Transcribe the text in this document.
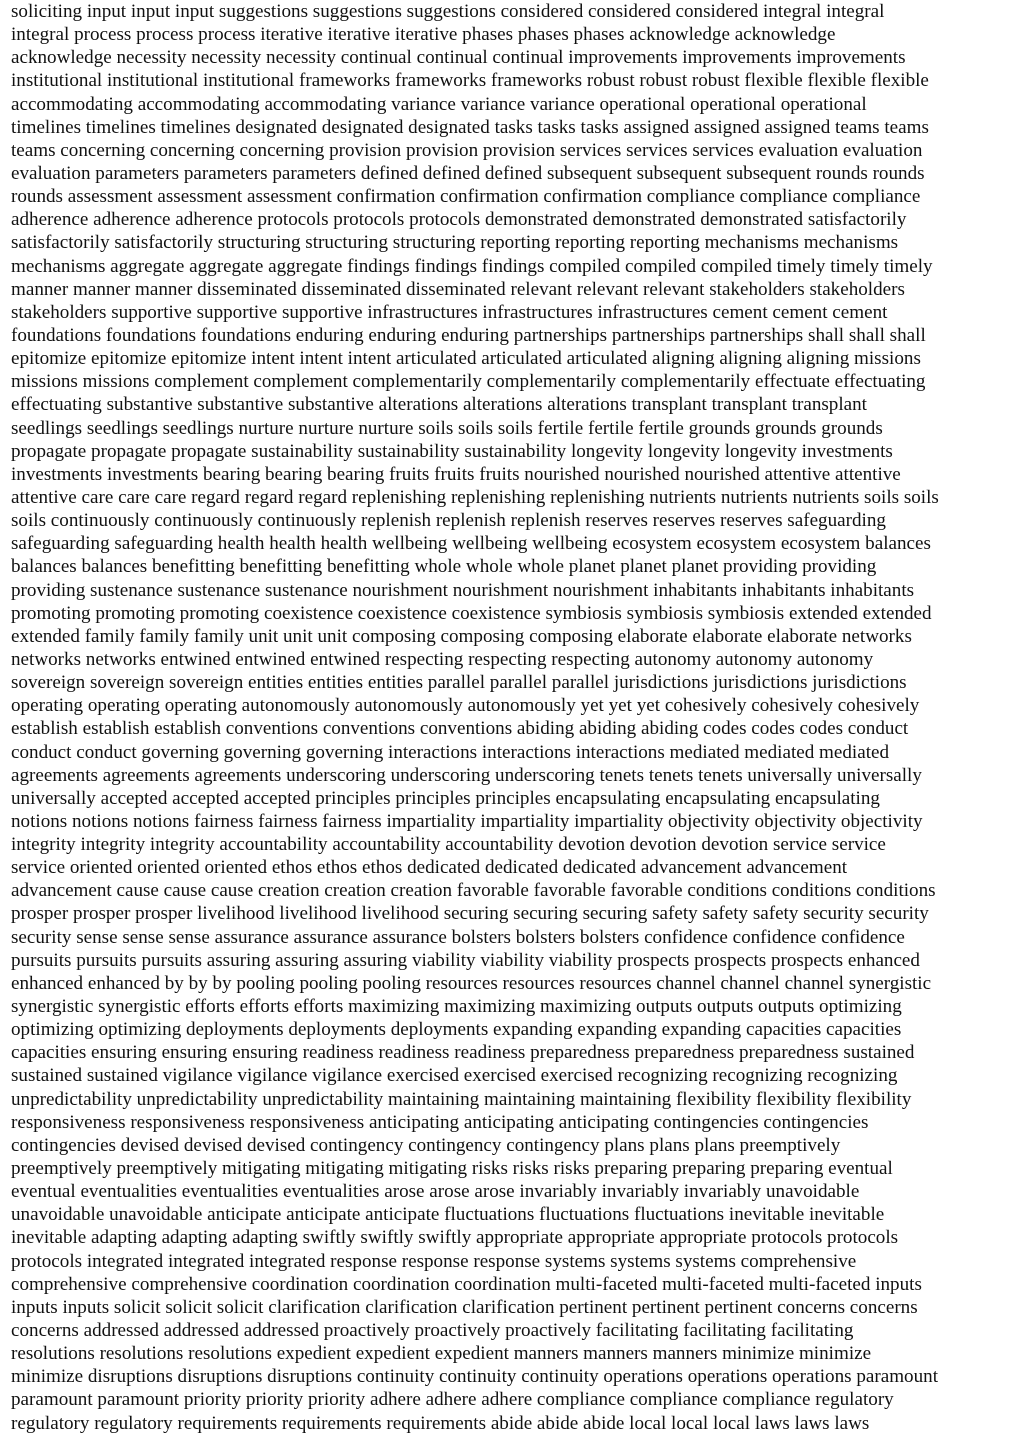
soliciting input input input suggestions suggestions suggestions considered considered considered integral integral
integral process process process iterative iterative iterative phases phases phases acknowledge acknowledge
acknowledge necessity necessity necessity continual continual continual improvements improvements improvements
institutional institutional institutional frameworks frameworks frameworks robust robust robust flexible flexible flexible
accommodating accommodating accommodating variance variance variance operational operational operational
timelines timelines timelines designated designated designated tasks tasks tasks assigned assigned assigned teams teams
teams concerning concerning concerning provision provision provision services services services evaluation evaluation
evaluation parameters parameters parameters defined defined defined subsequent subsequent subsequent rounds rounds
rounds assessment assessment assessment confirmation confirmation confirmation compliance compliance compliance
adherence adherence adherence protocols protocols protocols demonstrated demonstrated demonstrated satisfactorily
satisfactorily satisfactorily structuring structuring structuring reporting reporting reporting mechanisms mechanisms
mechanisms aggregate aggregate aggregate findings findings findings compiled compiled compiled timely timely timely
manner manner manner disseminated disseminated disseminated relevant relevant relevant stakeholders stakeholders
stakeholders supportive supportive supportive infrastructures infrastructures infrastructures cement cement cement
foundations foundations foundations enduring enduring enduring partnerships partnerships partnerships shall shall shall
epitomize epitomize epitomize intent intent intent articulated articulated articulated aligning aligning aligning missions
missions missions complement complement complementarily complementarily complementarily effectuate effectuating
effectuating substantive substantive substantive alterations alterations alterations transplant transplant transplant
seedlings seedlings seedlings nurture nurture nurture soils soils soils fertile fertile fertile grounds grounds grounds
propagate propagate propagate sustainability sustainability sustainability longevity longevity longevity investments
investments investments bearing bearing bearing fruits fruits fruits nourished nourished nourished attentive attentive
attentive care care care regard regard regard replenishing replenishing replenishing nutrients nutrients nutrients soils soils
soils continuously continuously continuously replenish replenish replenish reserves reserves reserves safeguarding
safeguarding safeguarding health health health wellbeing wellbeing wellbeing ecosystem ecosystem ecosystem balances
balances balances benefitting benefitting benefitting whole whole whole planet planet planet providing providing
providing sustenance sustenance sustenance nourishment nourishment nourishment inhabitants inhabitants inhabitants
promoting promoting promoting coexistence coexistence coexistence symbiosis symbiosis symbiosis extended extended
extended family family family unit unit unit composing composing composing elaborate elaborate elaborate networks
networks networks entwined entwined entwined respecting respecting respecting autonomy autonomy autonomy
sovereign sovereign sovereign entities entities entities parallel parallel parallel jurisdictions jurisdictions jurisdictions
operating operating operating autonomously autonomously autonomously yet yet yet cohesively cohesively cohesively
establish establish establish conventions conventions conventions abiding abiding abiding codes codes codes conduct
conduct conduct governing governing governing interactions interactions interactions mediated mediated mediated
agreements agreements agreements underscoring underscoring underscoring tenets tenets tenets universally universally
universally accepted accepted accepted principles principles principles encapsulating encapsulating encapsulating
notions notions notions fairness fairness fairness impartiality impartiality impartiality objectivity objectivity objectivity
integrity integrity integrity accountability accountability accountability devotion devotion devotion service service
service oriented oriented oriented ethos ethos ethos dedicated dedicated dedicated advancement advancement
advancement cause cause cause creation creation creation favorable favorable favorable conditions conditions conditions
prosper prosper prosper livelihood livelihood livelihood securing securing securing safety safety safety security security
security sense sense sense assurance assurance assurance bolsters bolsters bolsters confidence confidence confidence
pursuits pursuits pursuits assuring assuring assuring viability viability viability prospects prospects prospects enhanced
enhanced enhanced by by by pooling pooling pooling resources resources resources channel channel channel synergistic
synergistic synergistic efforts efforts efforts maximizing maximizing maximizing outputs outputs outputs optimizing
optimizing optimizing deployments deployments deployments expanding expanding expanding capacities capacities
capacities ensuring ensuring ensuring readiness readiness readiness preparedness preparedness preparedness sustained
sustained sustained vigilance vigilance vigilance exercised exercised exercised recognizing recognizing recognizing
unpredictability unpredictability unpredictability maintaining maintaining maintaining flexibility flexibility flexibility
responsiveness responsiveness responsiveness anticipating anticipating anticipating contingencies contingencies
contingencies devised devised devised contingency contingency contingency plans plans plans preemptively
preemptively preemptively mitigating mitigating mitigating risks risks risks preparing preparing preparing eventual
eventual eventualities eventualities eventualities arose arose arose invariably invariably invariably unavoidable
unavoidable unavoidable anticipate anticipate anticipate fluctuations fluctuations fluctuations inevitable inevitable
inevitable adapting adapting adapting swiftly swiftly swiftly appropriate appropriate appropriate protocols protocols
protocols integrated integrated integrated response response response systems systems systems comprehensive
comprehensive comprehensive coordination coordination coordination multi-faceted multi-faceted multi-faceted inputs
inputs inputs solicit solicit solicit clarification clarification clarification pertinent pertinent pertinent concerns concerns
concerns addressed addressed addressed proactively proactively proactively facilitating facilitating facilitating
resolutions resolutions resolutions expedient expedient expedient manners manners manners minimize minimize
minimize disruptions disruptions disruptions continuity continuity continuity operations operations operations paramount
paramount paramount priority priority priority adhere adhere adhere compliance compliance compliance regulatory
regulatory regulatory requirements requirements requirements abide abide abide local local local laws laws laws
